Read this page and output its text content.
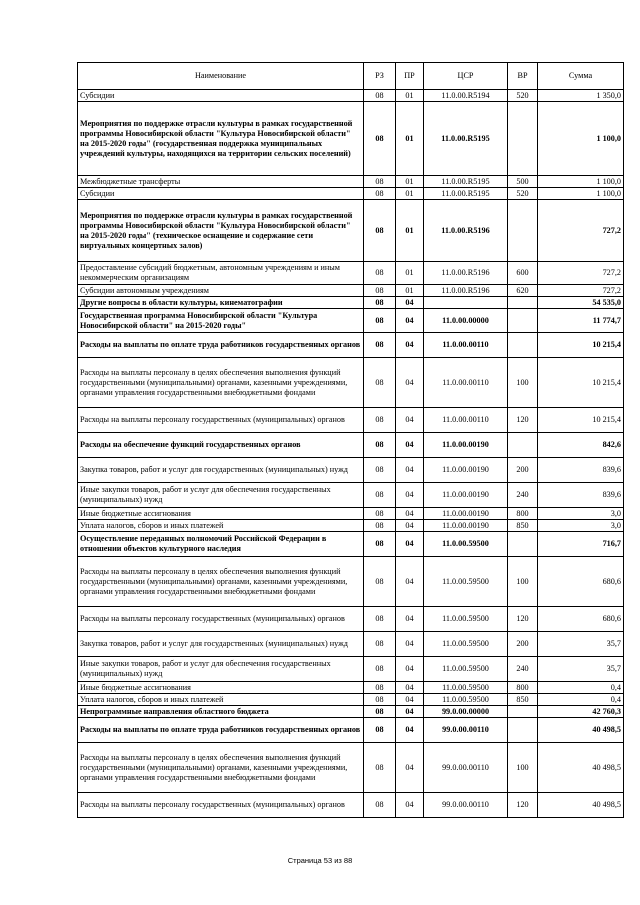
Наименование	РЗ	ПР	ЦСР	ВР	Сумма
Субсидии	08	01	11.0.00.R5194	520	1 350,0
Мероприятия по поддержке отрасли культуры в рамках государственной программы Новосибирской области "Культура Новосибирской области" на 2015-2020 годы" (государственная поддержка муниципальных учреждений культуры, находящихся на территории сельских поселений)	08	01	11.0.00.R5195		1 100,0
Межбюджетные трансферты	08	01	11.0.00.R5195	500	1 100,0
Субсидии	08	01	11.0.00.R5195	520	1 100,0
Мероприятия по поддержке отрасли культуры в рамках государственной программы Новосибирской области "Культура Новосибирской области" на 2015-2020 годы" (техническое оснащение и содержание сети виртуальных концертных залов)	08	01	11.0.00.R5196		727,2
Предоставление субсидий бюджетным, автономным учреждениям и иным некоммерческим организациям	08	01	11.0.00.R5196	600	727,2
Субсидии автономным учреждениям	08	01	11.0.00.R5196	620	727,2
Другие вопросы в области культуры, кинематографии	08	04			54 535,0
Государственная программа Новосибирской области "Культура Новосибирской области" на 2015-2020 годы"	08	04	11.0.00.00000		11 774,7
Расходы на выплаты по оплате труда работников государственных органов	08	04	11.0.00.00110		10 215,4
Расходы на выплаты персоналу в целях обеспечения выполнения функций государственными (муниципальными) органами, казенными учреждениями, органами управления государственными внебюджетными фондами	08	04	11.0.00.00110	100	10 215,4
Расходы на выплаты персоналу государственных (муниципальных) органов	08	04	11.0.00.00110	120	10 215,4
Расходы на обеспечение функций государственных органов	08	04	11.0.00.00190		842,6
Закупка товаров, работ и услуг для государственных (муниципальных) нужд	08	04	11.0.00.00190	200	839,6
Иные закупки товаров, работ и услуг для обеспечения государственных (муниципальных) нужд	08	04	11.0.00.00190	240	839,6
Иные бюджетные ассигнования	08	04	11.0.00.00190	800	3,0
Уплата налогов, сборов и иных платежей	08	04	11.0.00.00190	850	3,0
Осуществление переданных полномочий Российской Федерации в отношении объектов культурного наследия	08	04	11.0.00.59500		716,7
Расходы на выплаты персоналу в целях обеспечения выполнения функций государственными (муниципальными) органами, казенными учреждениями, органами управления государственными внебюджетными фондами	08	04	11.0.00.59500	100	680,6
Расходы на выплаты персоналу государственных (муниципальных) органов	08	04	11.0.00.59500	120	680,6
Закупка товаров, работ и услуг для государственных (муниципальных) нужд	08	04	11.0.00.59500	200	35,7
Иные закупки товаров, работ и услуг для обеспечения государственных (муниципальных) нужд	08	04	11.0.00.59500	240	35,7
Иные бюджетные ассигнования	08	04	11.0.00.59500	800	0,4
Уплата налогов, сборов и иных платежей	08	04	11.0.00.59500	850	0,4
Непрограммные направления областного бюджета	08	04	99.0.00.00000		42 760,3
Расходы на выплаты по оплате труда работников государственных органов	08	04	99.0.00.00110		40 498,5
Расходы на выплаты персоналу в целях обеспечения выполнения функций государственными (муниципальными) органами, казенными учреждениями, органами управления государственными внебюджетными фондами	08	04	99.0.00.00110	100	40 498,5
Расходы на выплаты персоналу государственных (муниципальных) органов	08	04	99.0.00.00110	120	40 498,5
Страница 53 из 88
